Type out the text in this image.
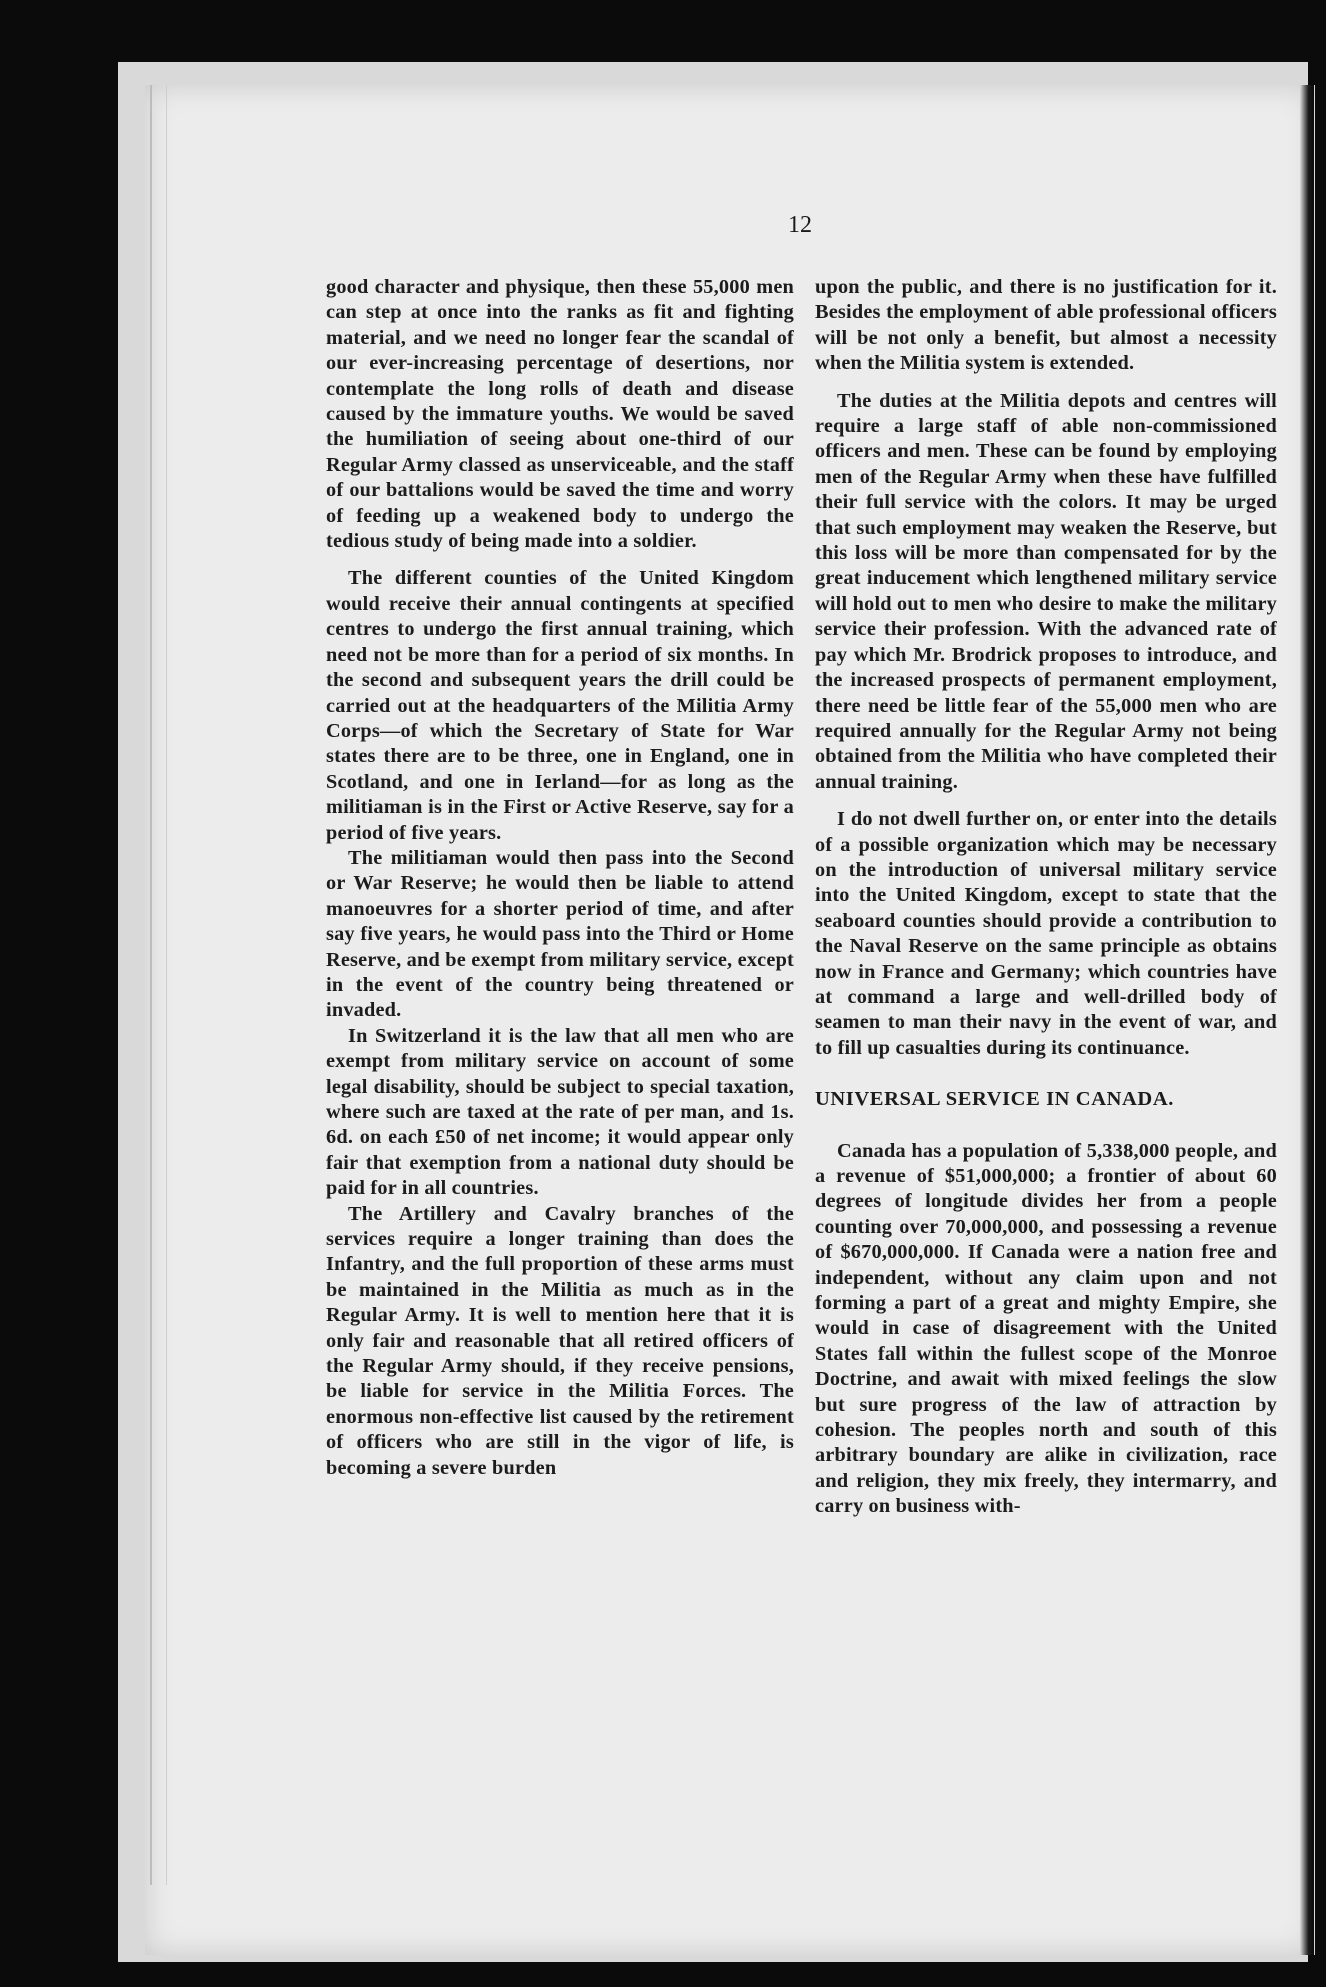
12

good character and physique, then these 55,000 men can step at once into the ranks as fit and fighting material, and we need no longer fear the scandal of our ever-increasing percentage of desertions, nor contemplate the long rolls of death and disease caused by the immature youths. We would be saved the humiliation of seeing about one-third of our Regular Army classed as unserviceable, and the staff of our battalions would be saved the time and worry of feeding up a weakened body to undergo the tedious study of being made into a soldier.

The different counties of the United Kingdom would receive their annual contingents at specified centres to undergo the first annual training, which need not be more than for a period of six months. In the second and subsequent years the drill could be carried out at the headquarters of the Militia Army Corps—of which the Secretary of State for War states there are to be three, one in England, one in Scotland, and one in Ierland—for as long as the militiaman is in the First or Active Reserve, say for a period of five years.

The militiaman would then pass into the Second or War Reserve; he would then be liable to attend manoeuvres for a shorter period of time, and after say five years, he would pass into the Third or Home Reserve, and be exempt from military service, except in the event of the country being threatened or invaded.

In Switzerland it is the law that all men who are exempt from military service on account of some legal disability, should be subject to special taxation, where such are taxed at the rate of per man, and 1s. 6d. on each £50 of net income; it would appear only fair that exemption from a national duty should be paid for in all countries.

The Artillery and Cavalry branches of the services require a longer training than does the Infantry, and the full proportion of these arms must be maintained in the Militia as much as in the Regular Army. It is well to mention here that it is only fair and reasonable that all retired officers of the Regular Army should, if they receive pensions, be liable for service in the Militia Forces. The enormous non-effective list caused by the retirement of officers who are still in the vigor of life, is becoming a severe burden

upon the public, and there is no justification for it. Besides the employment of able professional officers will be not only a benefit, but almost a necessity when the Militia system is extended.

The duties at the Militia depots and centres will require a large staff of able non-commissioned officers and men. These can be found by employing men of the Regular Army when these have fulfilled their full service with the colors. It may be urged that such employment may weaken the Reserve, but this loss will be more than compensated for by the great inducement which lengthened military service will hold out to men who desire to make the military service their profession. With the advanced rate of pay which Mr. Brodrick proposes to introduce, and the increased prospects of permanent employment, there need be little fear of the 55,000 men who are required annually for the Regular Army not being obtained from the Militia who have completed their annual training.

I do not dwell further on, or enter into the details of a possible organization which may be necessary on the introduction of universal military service into the United Kingdom, except to state that the seaboard counties should provide a contribution to the Naval Reserve on the same principle as obtains now in France and Germany; which countries have at command a large and well-drilled body of seamen to man their navy in the event of war, and to fill up casualties during its continuance.

UNIVERSAL SERVICE IN CANADA.

Canada has a population of 5,338,000 people, and a revenue of $51,000,000; a frontier of about 60 degrees of longitude divides her from a people counting over 70,000,000, and possessing a revenue of $670,000,000. If Canada were a nation free and independent, without any claim upon and not forming a part of a great and mighty Empire, she would in case of disagreement with the United States fall within the fullest scope of the Monroe Doctrine, and await with mixed feelings the slow but sure progress of the law of attraction by cohesion. The peoples north and south of this arbitrary boundary are alike in civilization, race and religion, they mix freely, they intermarry, and carry on business with-
